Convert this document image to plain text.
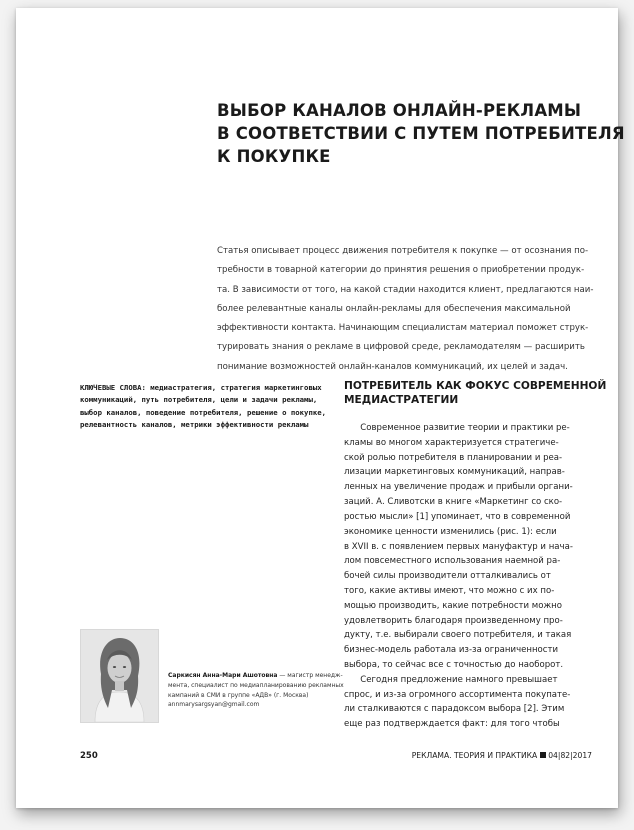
ВЫБОР КАНАЛОВ ОНЛАЙН-РЕКЛАМЫ
В СООТВЕТСТВИИ С ПУТЕМ ПОТРЕБИТЕЛЯ
К ПОКУПКЕ
Статья описывает процесс движения потребителя к покупке — от осознания по-
требности в товарной категории до принятия решения о приобретении продук-
та. В зависимости от того, на какой стадии находится клиент, предлагаются наи-
более релевантные каналы онлайн-рекламы для обеспечения максимальной
эффективности контакта. Начинающим специалистам материал поможет струк-
турировать знания о рекламе в цифровой среде, рекламодателям — расширить
понимание возможностей онлайн-каналов коммуникаций, их целей и задач.
КЛЮЧЕВЫЕ СЛОВА: медиастратегия, стратегия маркетинговых
коммуникаций, путь потребителя, цели и задачи рекламы,
выбор каналов, поведение потребителя, решение о покупке,
релевантность каналов, метрики эффективности рекламы
ПОТРЕБИТЕЛЬ КАК ФОКУС СОВРЕМЕННОЙ
МЕДИАСТРАТЕГИИ
Современное развитие теории и практики ре-
кламы во многом характеризуется стратегиче-
ской ролью потребителя в планировании и реа-
лизации маркетинговых коммуникаций, направ-
ленных на увеличение продаж и прибыли органи-
заций. А. Сливотски в книге «Маркетинг со ско-
ростью мысли» [1] упоминает, что в современной
экономике ценности изменились (рис. 1): если
в XVII в. с появлением первых мануфактур и нача-
лом повсеместного использования наемной ра-
бочей силы производители отталкивались от
того, какие активы имеют, что можно с их по-
мощью производить, какие потребности можно
удовлетворить благодаря произведенному про-
дукту, т.е. выбирали своего потребителя, и такая
бизнес-модель работала из-за ограниченности
выбора, то сейчас все с точностью до наоборот.
Сегодня предложение намного превышает
спрос, и из-за огромного ассортимента покупате-
ли сталкиваются с парадоксом выбора [2]. Этим
еще раз подтверждается факт: для того чтобы
Саркисян Анна-Мари Ашотовна — магистр менедж-
мента, специалист по медиапланированию рекламных
кампаний в СМИ в группе «АДВ» (г. Москва)
annmarysargsyan@gmail.com
250	РЕКЛАМА. ТЕОРИЯ И ПРАКТИКА 04|82|2017
